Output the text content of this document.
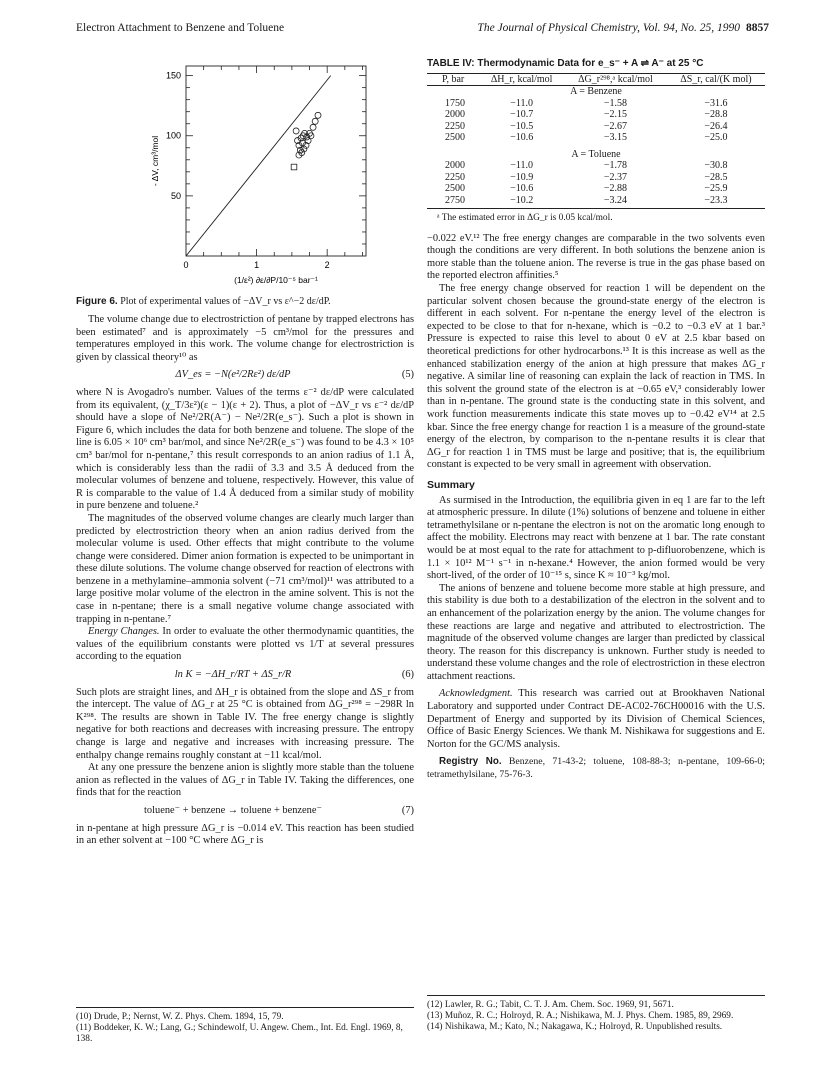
Electron Attachment to Benzene and Toluene	The Journal of Physical Chemistry, Vol. 94, No. 25, 1990 8857
50
100
150
0	1	2
(1/ε²) ∂ε/∂P/10⁻⁵ bar⁻¹
- ΔV, cm³/mol

Figure 6. Plot of experimental values of −ΔV_r vs ε^−2 dε/dP.

The volume change due to electrostriction of pentane by trapped electrons has been estimated⁷ and is approximately −5 cm³/mol for the pressures and temperatures employed in this work. The volume change for electrostriction is given by classical theory¹⁰ as

ΔV_es = −N(e²/2Rε²) dε/dP	(5)

where N is Avogadro's number. Values of the terms ε⁻² dε/dP were calculated from its equivalent, (χ_T/3ε²)(ε − 1)(ε + 2). Thus, a plot of −ΔV_r vs ε⁻² dε/dP should have a slope of Ne²/2R(A⁻) − Ne²/2R(e_s⁻). Such a plot is shown in Figure 6, which includes the data for both benzene and toluene. The slope of the line is 6.05 × 10⁶ cm³ bar/mol, and since Ne²/2R(e_s⁻) was found to be 4.3 × 10⁵ cm³ bar/mol for n-pentane,⁷ this result corresponds to an anion radius of 1.1 Å, which is considerably less than the radii of 3.3 and 3.5 Å deduced from the molecular volumes of benzene and toluene, respectively. However, this value of R is comparable to the value of 1.4 Å deduced from a similar study of mobility in pure benzene and toluene.²

The magnitudes of the observed volume changes are clearly much larger than predicted by electrostriction theory when an anion radius derived from the molecular volume is used. Other effects that might contribute to the volume change were considered. Dimer anion formation is expected to be unimportant in these dilute solutions. The volume change observed for reaction of electrons with benzene in a methylamine–ammonia solvent (−71 cm³/mol)¹¹ was attributed to a large positive molar volume of the electron in the amine solvent. This is not the case in n-pentane; there is a small negative volume change associated with trapping in n-pentane.⁷

Energy Changes. In order to evaluate the other thermodynamic quantities, the values of the equilibrium constants were plotted vs 1/T at several pressures according to the equation

ln K = −ΔH_r/RT + ΔS_r/R	(6)

Such plots are straight lines, and ΔH_r is obtained from the slope and ΔS_r from the intercept. The value of ΔG_r at 25 °C is obtained from ΔG_r²⁹⁸ = −298R ln K²⁹⁸. The results are shown in Table IV. The free energy change is slightly negative for both reactions and decreases with increasing pressure. The entropy change is large and negative and increases with increasing pressure. The enthalpy change remains roughly constant at −11 kcal/mol.

At any one pressure the benzene anion is slightly more stable than the toluene anion as reflected in the values of ΔG_r in Table IV. Taking the differences, one finds that for the reaction

toluene⁻ + benzene → toluene + benzene⁻	(7)

in n-pentane at high pressure ΔG_r is −0.014 eV. This reaction has been studied in an ether solvent at −100 °C where ΔG_r is

TABLE IV: Thermodynamic Data for e_s⁻ + A ⇌ A⁻ at 25 °C

P, bar	ΔH_r, kcal/mol	ΔG_r²⁹⁸,ᵃ kcal/mol	ΔS_r, cal/(K mol)
A = Benzene			
1750	−11.0	−1.58	−31.6
2000	−10.7	−2.15	−28.8
2250	−10.5	−2.67	−26.4
2500	−10.6	−3.15	−25.0

A = Toluene			
2000	−11.0	−1.78	−30.8
2250	−10.9	−2.37	−28.5
2500	−10.6	−2.88	−25.9
2750	−10.2	−3.24	−23.3

ᵃ The estimated error in ΔG_r is 0.05 kcal/mol.

−0.022 eV.¹² The free energy changes are comparable in the two solvents even though the conditions are very different. In both solutions the benzene anion is more stable than the toluene anion. The reverse is true in the gas phase based on the reported electron affinities.⁵

The free energy change observed for reaction 1 will be dependent on the particular solvent chosen because the ground-state energy of the electron is different in each solvent. For n-pentane the energy level of the electron is expected to be close to that for n-hexane, which is −0.2 to −0.3 eV at 1 bar.³ Pressure is expected to raise this level to about 0 eV at 2.5 kbar based on theoretical predictions for other hydrocarbons.¹³ It is this increase as well as the enhanced stabilization energy of the anion at high pressure that makes ΔG_r negative. A similar line of reasoning can explain the lack of reaction in TMS. In this solvent the ground state of the electron is at −0.65 eV,³ considerably lower than in n-pentane. The ground state is the conducting state in this solvent, and work function measurements indicate this state moves up to −0.42 eV¹⁴ at 2.5 kbar. Since the free energy change for reaction 1 is a measure of the ground-state energy of the electron, by comparison to the n-pentane results it is clear that ΔG_r for reaction 1 in TMS must be large and positive; that is, the equilibrium constant is expected to be very small in agreement with observation.

Summary

As surmised in the Introduction, the equilibria given in eq 1 are far to the left at atmospheric pressure. In dilute (1%) solutions of benzene and toluene in either tetramethylsilane or n-pentane the electron is not on the aromatic long enough to affect the mobility. Electrons may react with benzene at 1 bar. The rate constant would be at most equal to the rate for attachment to p-difluorobenzene, which is 1.1 × 10¹² M⁻¹ s⁻¹ in n-hexane.⁴ However, the anion formed would be very short-lived, of the order of 10⁻¹⁵ s, since K ≈ 10⁻³ kg/mol.

The anions of benzene and toluene become more stable at high pressure, and this stability is due both to a destabilization of the electron in the solvent and to an enhancement of the polarization energy by the anion. The volume changes for these reactions are large and negative and attributed to electrostriction. The magnitude of the observed volume changes are larger than predicted by classical theory. The reason for this discrepancy is unknown. Further study is needed to understand these volume changes and the role of electrostriction in these electron attachment reactions.

Acknowledgment. This research was carried out at Brookhaven National Laboratory and supported under Contract DE-AC02-76CH00016 with the U.S. Department of Energy and supported by its Division of Chemical Sciences, Office of Basic Energy Sciences. We thank M. Nishikawa for suggestions and E. Norton for the GC/MS analysis.

Registry No. Benzene, 71-43-2; toluene, 108-88-3; n-pentane, 109-66-0; tetramethylsilane, 75-76-3.

(10) Drude, P.; Nernst, W. Z. Phys. Chem. 1894, 15, 79.
(11) Boddeker, K. W.; Lang, G.; Schindewolf, U. Angew. Chem., Int. Ed. Engl. 1969, 8, 138.
(12) Lawler, R. G.; Tabit, C. T. J. Am. Chem. Soc. 1969, 91, 5671.
(13) Muñoz, R. C.; Holroyd, R. A.; Nishikawa, M. J. Phys. Chem. 1985, 89, 2969.
(14) Nishikawa, M.; Kato, N.; Nakagawa, K.; Holroyd, R. Unpublished results.
